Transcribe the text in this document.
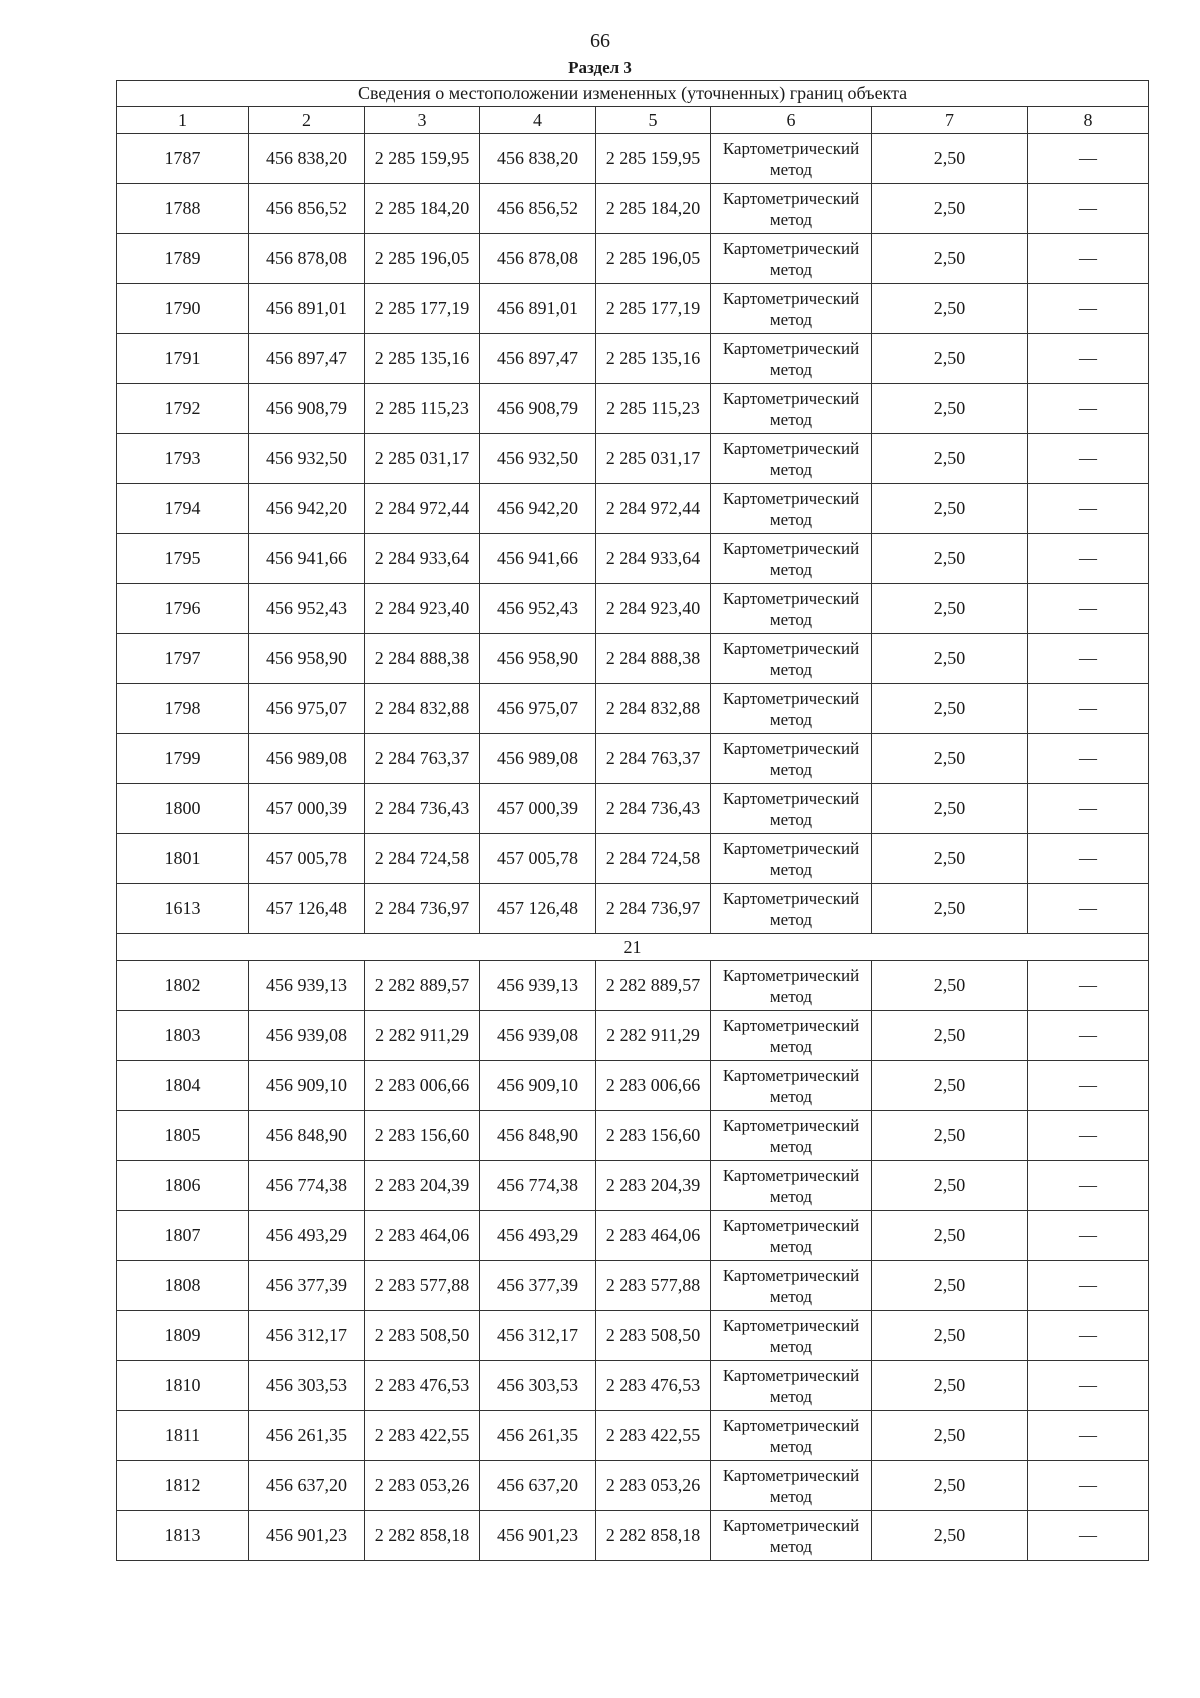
66
Раздел 3
Сведения о местоположении измененных (уточненных) границ объекта							
1	2	3	4	5	6	7	8
1787	456 838,20	2 285 159,95	456 838,20	2 285 159,95	Картометрический метод	2,50	—
1788	456 856,52	2 285 184,20	456 856,52	2 285 184,20	Картометрический метод	2,50	—
1789	456 878,08	2 285 196,05	456 878,08	2 285 196,05	Картометрический метод	2,50	—
1790	456 891,01	2 285 177,19	456 891,01	2 285 177,19	Картометрический метод	2,50	—
1791	456 897,47	2 285 135,16	456 897,47	2 285 135,16	Картометрический метод	2,50	—
1792	456 908,79	2 285 115,23	456 908,79	2 285 115,23	Картометрический метод	2,50	—
1793	456 932,50	2 285 031,17	456 932,50	2 285 031,17	Картометрический метод	2,50	—
1794	456 942,20	2 284 972,44	456 942,20	2 284 972,44	Картометрический метод	2,50	—
1795	456 941,66	2 284 933,64	456 941,66	2 284 933,64	Картометрический метод	2,50	—
1796	456 952,43	2 284 923,40	456 952,43	2 284 923,40	Картометрический метод	2,50	—
1797	456 958,90	2 284 888,38	456 958,90	2 284 888,38	Картометрический метод	2,50	—
1798	456 975,07	2 284 832,88	456 975,07	2 284 832,88	Картометрический метод	2,50	—
1799	456 989,08	2 284 763,37	456 989,08	2 284 763,37	Картометрический метод	2,50	—
1800	457 000,39	2 284 736,43	457 000,39	2 284 736,43	Картометрический метод	2,50	—
1801	457 005,78	2 284 724,58	457 005,78	2 284 724,58	Картометрический метод	2,50	—
1613	457 126,48	2 284 736,97	457 126,48	2 284 736,97	Картометрический метод	2,50	—
21							
1802	456 939,13	2 282 889,57	456 939,13	2 282 889,57	Картометрический метод	2,50	—
1803	456 939,08	2 282 911,29	456 939,08	2 282 911,29	Картометрический метод	2,50	—
1804	456 909,10	2 283 006,66	456 909,10	2 283 006,66	Картометрический метод	2,50	—
1805	456 848,90	2 283 156,60	456 848,90	2 283 156,60	Картометрический метод	2,50	—
1806	456 774,38	2 283 204,39	456 774,38	2 283 204,39	Картометрический метод	2,50	—
1807	456 493,29	2 283 464,06	456 493,29	2 283 464,06	Картометрический метод	2,50	—
1808	456 377,39	2 283 577,88	456 377,39	2 283 577,88	Картометрический метод	2,50	—
1809	456 312,17	2 283 508,50	456 312,17	2 283 508,50	Картометрический метод	2,50	—
1810	456 303,53	2 283 476,53	456 303,53	2 283 476,53	Картометрический метод	2,50	—
1811	456 261,35	2 283 422,55	456 261,35	2 283 422,55	Картометрический метод	2,50	—
1812	456 637,20	2 283 053,26	456 637,20	2 283 053,26	Картометрический метод	2,50	—
1813	456 901,23	2 282 858,18	456 901,23	2 282 858,18	Картометрический метод	2,50	—
